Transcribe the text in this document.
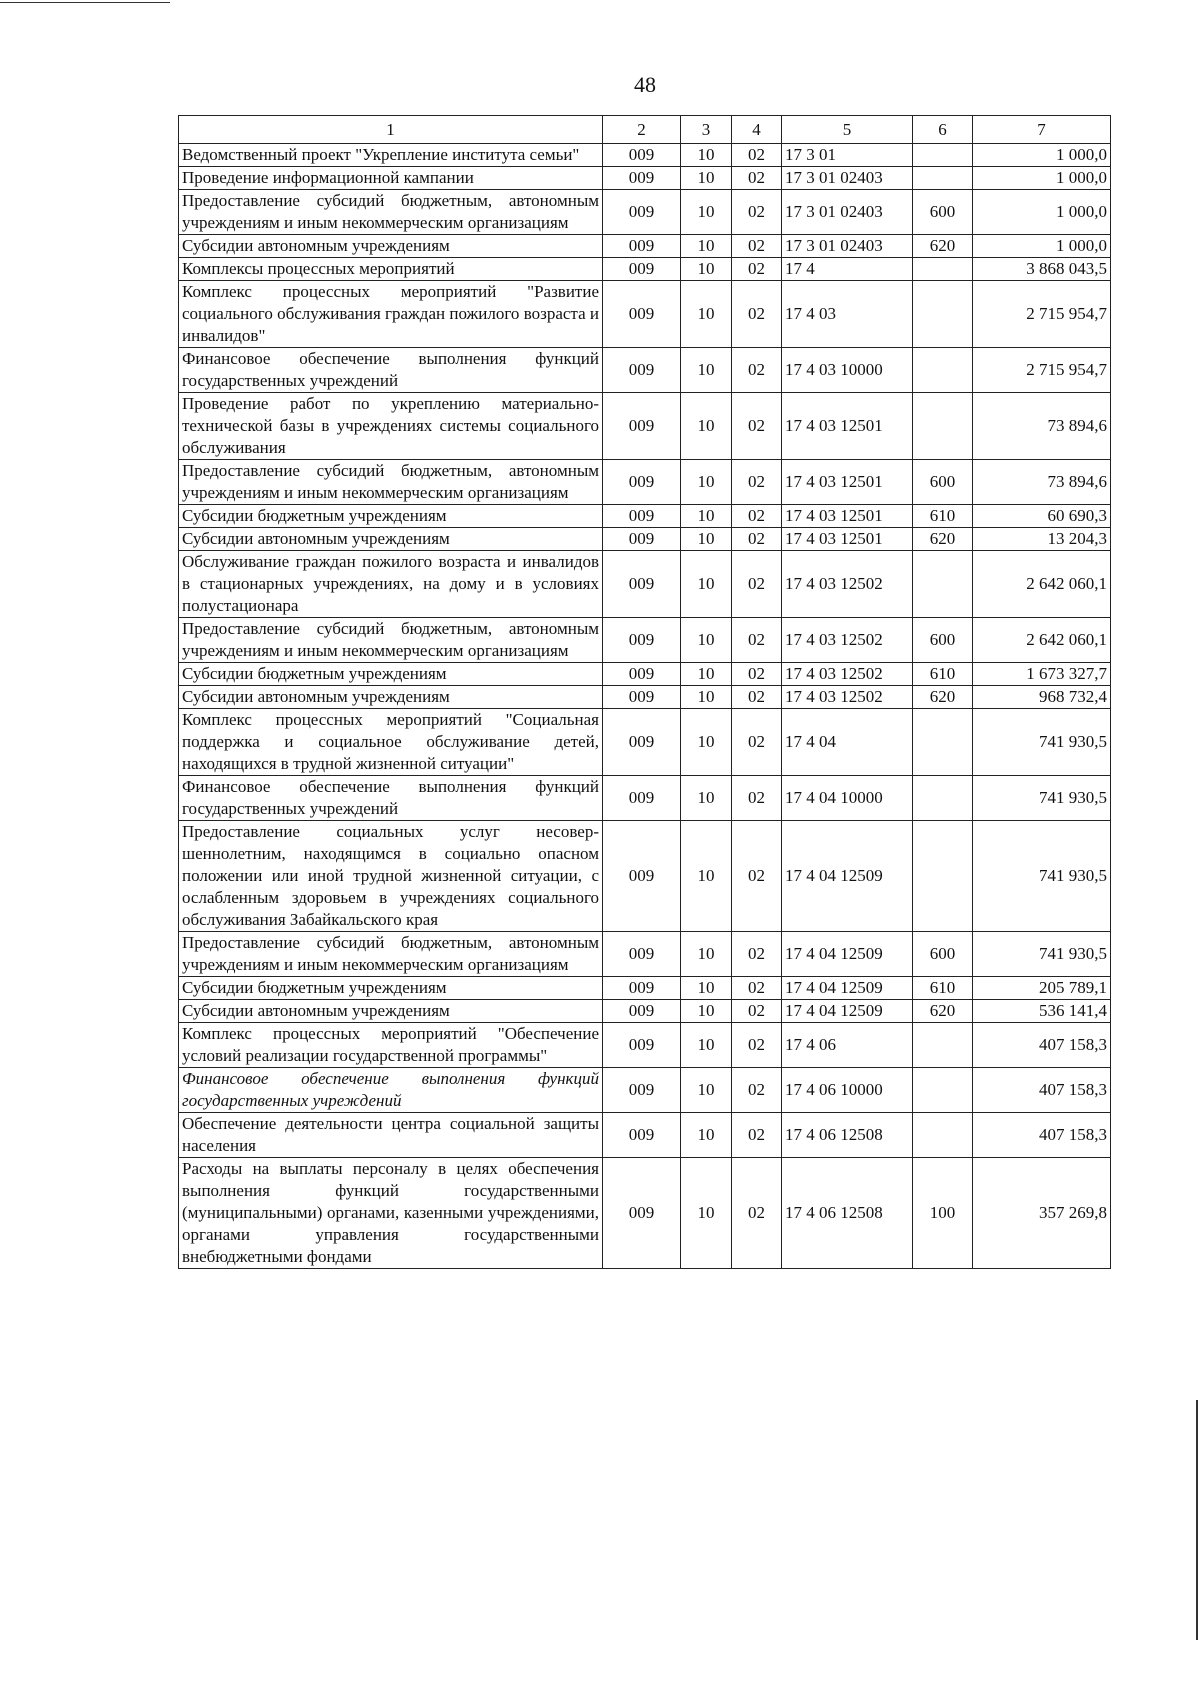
48
1	2	3	4	5	6	7
Ведомственный проект "Укрепление института семьи"	009	10	02	17 3 01		1 000,0
Проведение информационной кампании	009	10	02	17 3 01 02403		1 000,0
Предоставление субсидий бюджетным, автономным учреждениям и иным некоммерческим организациям	009	10	02	17 3 01 02403	600	1 000,0
Субсидии автономным учреждениям	009	10	02	17 3 01 02403	620	1 000,0
Комплексы процессных мероприятий	009	10	02	17 4		3 868 043,5
Комплекс процессных мероприятий "Развитие социального обслуживания граждан пожилого возраста и инвалидов"	009	10	02	17 4 03		2 715 954,7
Финансовое обеспечение выполнения функций государственных учреждений	009	10	02	17 4 03 10000		2 715 954,7
Проведение работ по укреплению материально-технической базы в учреждениях системы социального обслуживания	009	10	02	17 4 03 12501		73 894,6
Предоставление субсидий бюджетным, автономным учреждениям и иным некоммерческим организациям	009	10	02	17 4 03 12501	600	73 894,6
Субсидии бюджетным учреждениям	009	10	02	17 4 03 12501	610	60 690,3
Субсидии автономным учреждениям	009	10	02	17 4 03 12501	620	13 204,3
Обслуживание граждан пожилого возраста и инвалидов в стационарных учреждениях, на дому и в условиях полустационара	009	10	02	17 4 03 12502		2 642 060,1
Предоставление субсидий бюджетным, автономным учреждениям и иным некоммерческим организациям	009	10	02	17 4 03 12502	600	2 642 060,1
Субсидии бюджетным учреждениям	009	10	02	17 4 03 12502	610	1 673 327,7
Субсидии автономным учреждениям	009	10	02	17 4 03 12502	620	968 732,4
Комплекс процессных мероприятий "Социальная поддержка и социальное обслуживание детей, находящихся в трудной жизненной ситуации"	009	10	02	17 4 04		741 930,5
Финансовое обеспечение выполнения функций государственных учреждений	009	10	02	17 4 04 10000		741 930,5
Предоставление социальных услуг несовершеннолетним, находящимся в социально опасном положении или иной трудной жизненной ситуации, с ослабленным здоровьем в учреждениях социального обслуживания Забайкальского края	009	10	02	17 4 04 12509		741 930,5
Предоставление субсидий бюджетным, автономным учреждениям и иным некоммерческим организациям	009	10	02	17 4 04 12509	600	741 930,5
Субсидии бюджетным учреждениям	009	10	02	17 4 04 12509	610	205 789,1
Субсидии автономным учреждениям	009	10	02	17 4 04 12509	620	536 141,4
Комплекс процессных мероприятий "Обеспечение условий реализации государственной программы"	009	10	02	17 4 06		407 158,3
Финансовое обеспечение выполнения функций государственных учреждений	009	10	02	17 4 06 10000		407 158,3
Обеспечение деятельности центра социальной защиты населения	009	10	02	17 4 06 12508		407 158,3
Расходы на выплаты персоналу в целях обеспечения выполнения функций государственными (муниципальными) органами, казенными учреждениями, органами управления государственными внебюджетными фондами	009	10	02	17 4 06 12508	100	357 269,8
